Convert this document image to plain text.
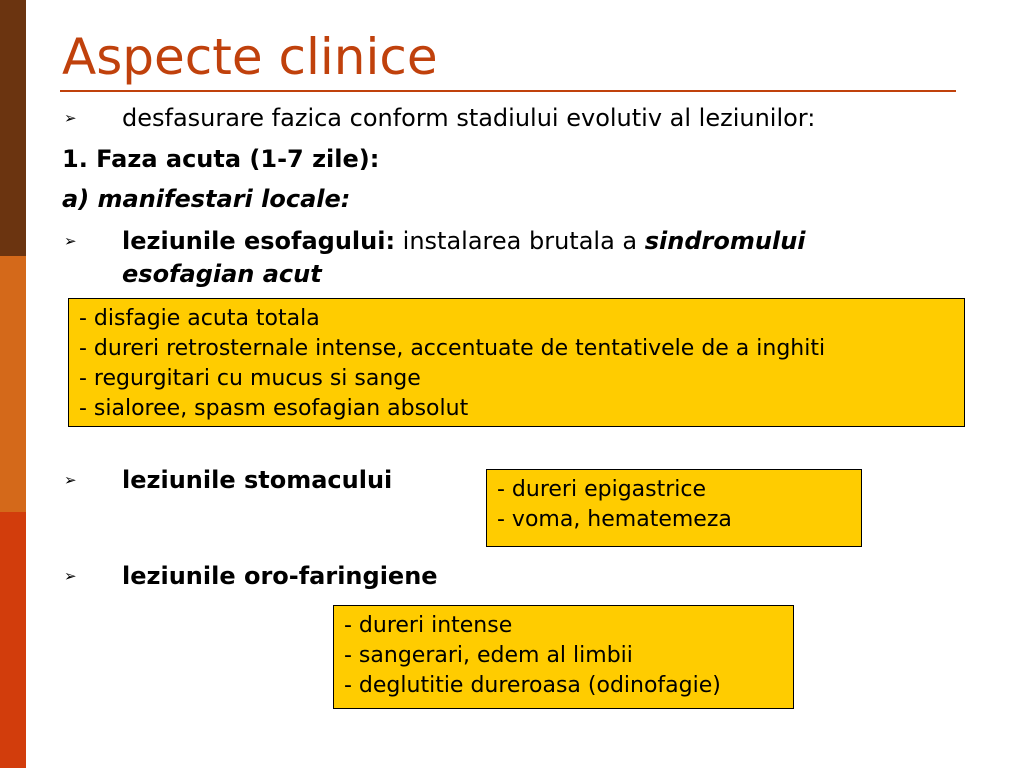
Aspecte clinice
➢ desfasurare fazica conform stadiului evolutiv al leziunilor:
1. Faza acuta (1-7 zile):
a) manifestari locale:
➢ leziunile esofagului: instalarea brutala a sindromului
esofagian acut
- disfagie acuta totala
- dureri retrosternale intense, accentuate de tentativele de a inghiti
- regurgitari cu mucus si sange
- sialoree, spasm esofagian absolut
➢ leziunile stomacului	- dureri epigastrice
- voma, hematemeza
➢ leziunile oro-faringiene
- dureri intense
- sangerari, edem al limbii
- deglutitie dureroasa (odinofagie)
